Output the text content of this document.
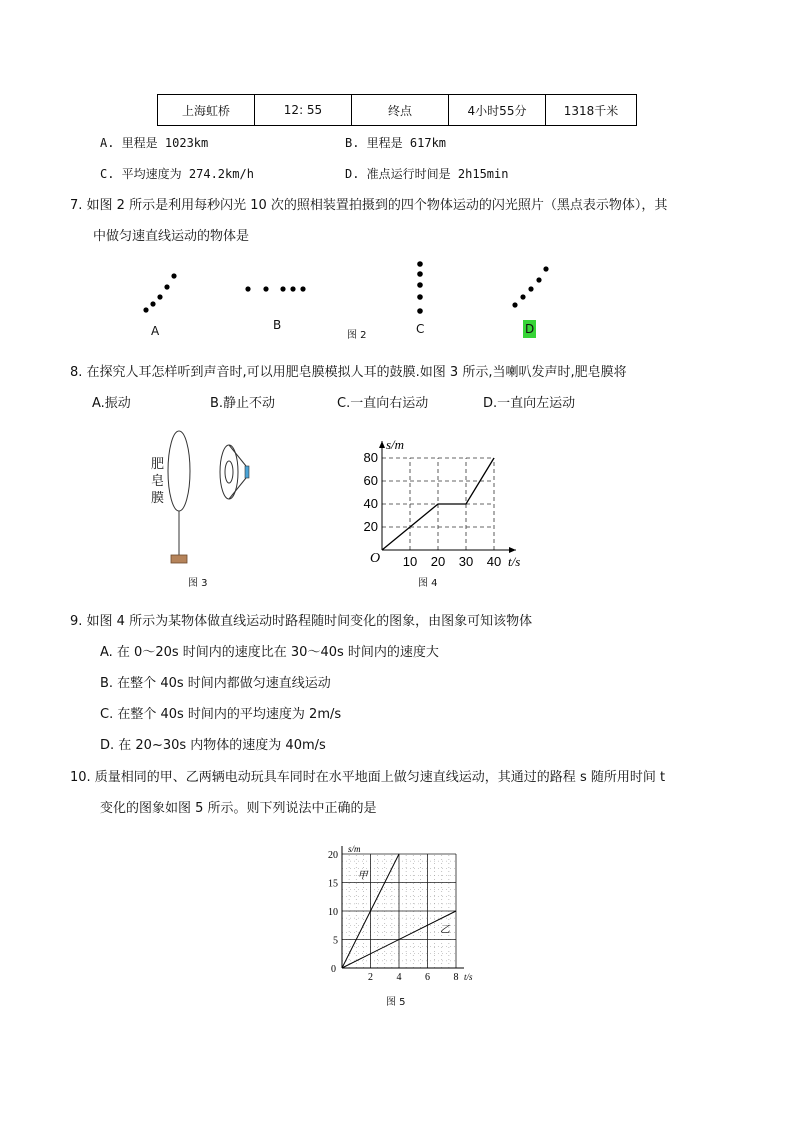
上海虹桥	12: 55	终点	4小时55分	1318千米
A. 里程是 1023km	B. 里程是 617km
C. 平均速度为 274.2km/h	D. 准点运行时间是 2h15min
7. 如图 2 所示是利用每秒闪光 10 次的照相装置拍摄到的四个物体运动的闪光照片（黑点表示物体），其
中做匀速直线运动的物体是
A	B	C	D
图 2
8. 在探究人耳怎样听到声音时,可以用肥皂膜模拟人耳的鼓膜.如图 3 所示,当喇叭发声时,肥皂膜将
A.振动	B.静止不动	C.一直向右运动	D.一直向左运动
肥
皂
膜
图 3
10 20 30 40
20
40
60
80
O
s/m
t/s
图 4
9. 如图 4 所示为某物体做直线运动时路程随时间变化的图象，由图象可知该物体
A. 在 0～20s 时间内的速度比在 30～40s 时间内的速度大
B. 在整个 40s 时间内都做匀速直线运动
C. 在整个 40s 时间内的平均速度为 2m/s
D. 在 20~30s 内物体的速度为 40m/s
10. 质量相同的甲、乙两辆电动玩具车同时在水平地面上做匀速直线运动，其通过的路程 s 随所用时间 t
变化的图象如图 5 所示。则下列说法中正确的是
2 4 6 8
0
5
10
15
20
s/m
t/s
甲
乙
图 5
